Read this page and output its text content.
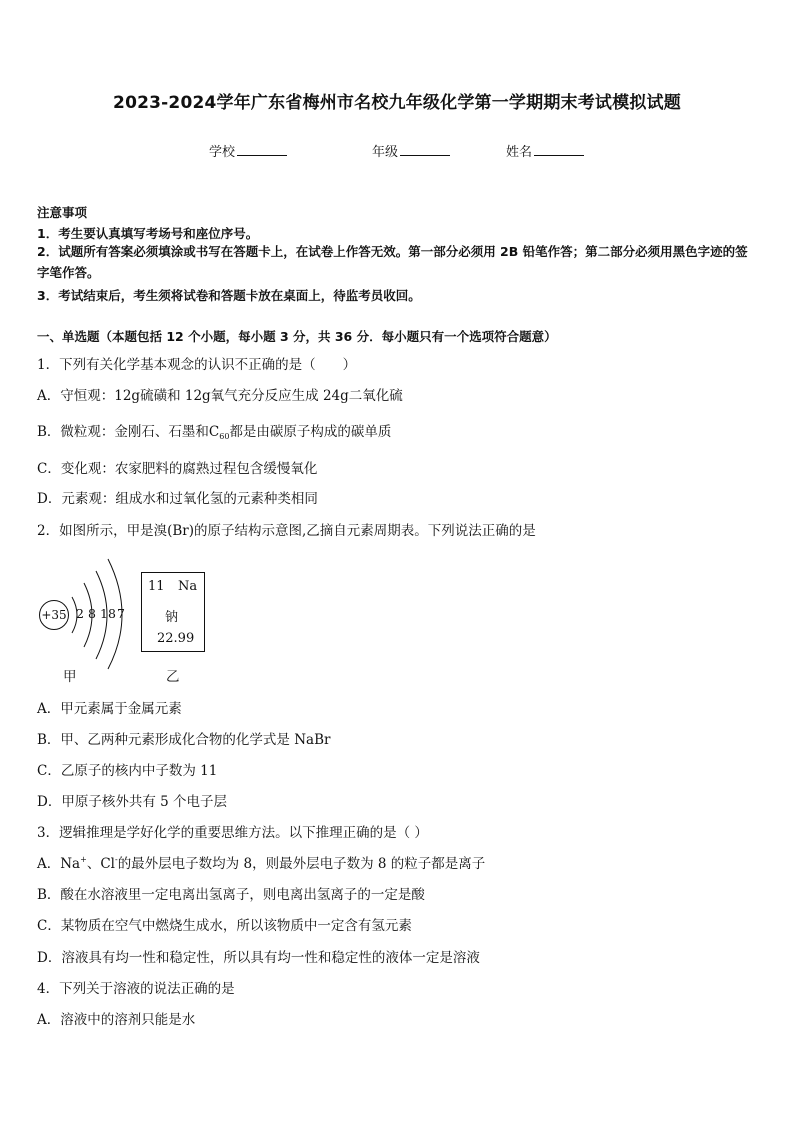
2023-2024学年广东省梅州市名校九年级化学第一学期期末考试模拟试题
学校	年级	姓名
注意事项
1．考生要认真填写考场号和座位序号。
2．试题所有答案必须填涂或书写在答题卡上，在试卷上作答无效。第一部分必须用 2B 铅笔作答；第二部分必须用黑色字迹的签字笔作答。
3．考试结束后，考生须将试卷和答题卡放在桌面上，待监考员收回。
一、单选题（本题包括 12 个小题，每小题 3 分，共 36 分．每小题只有一个选项符合题意）
1．下列有关化学基本观念的认识不正确的是（　　）
A．守恒观：12g硫磺和 12g氧气充分反应生成 24g二氧化硫
B．微粒观：金刚石、石墨和$C_{60}$都是由碳原子构成的碳单质
C．变化观：农家肥料的腐熟过程包含缓慢氧化
D．元素观：组成水和过氧化氢的元素种类相同
2．如图所示，甲是溴(Br)的原子结构示意图,乙摘自元素周期表。下列说法正确的是
+35 2 8 18 7
甲
11 Na
钠
22.99
乙
A．甲元素属于金属元素
B．甲、乙两种元素形成化合物的化学式是 NaBr
C．乙原子的核内中子数为 11
D．甲原子核外共有 5 个电子层
3．逻辑推理是学好化学的重要思维方法。以下推理正确的是（ ）
A．Na+、Cl-的最外层电子数均为 8，则最外层电子数为 8 的粒子都是离子
B．酸在水溶液里一定电离出氢离子，则电离出氢离子的一定是酸
C．某物质在空气中燃烧生成水，所以该物质中一定含有氢元素
D．溶液具有均一性和稳定性，所以具有均一性和稳定性的液体一定是溶液
4．下列关于溶液的说法正确的是
A．溶液中的溶剂只能是水
